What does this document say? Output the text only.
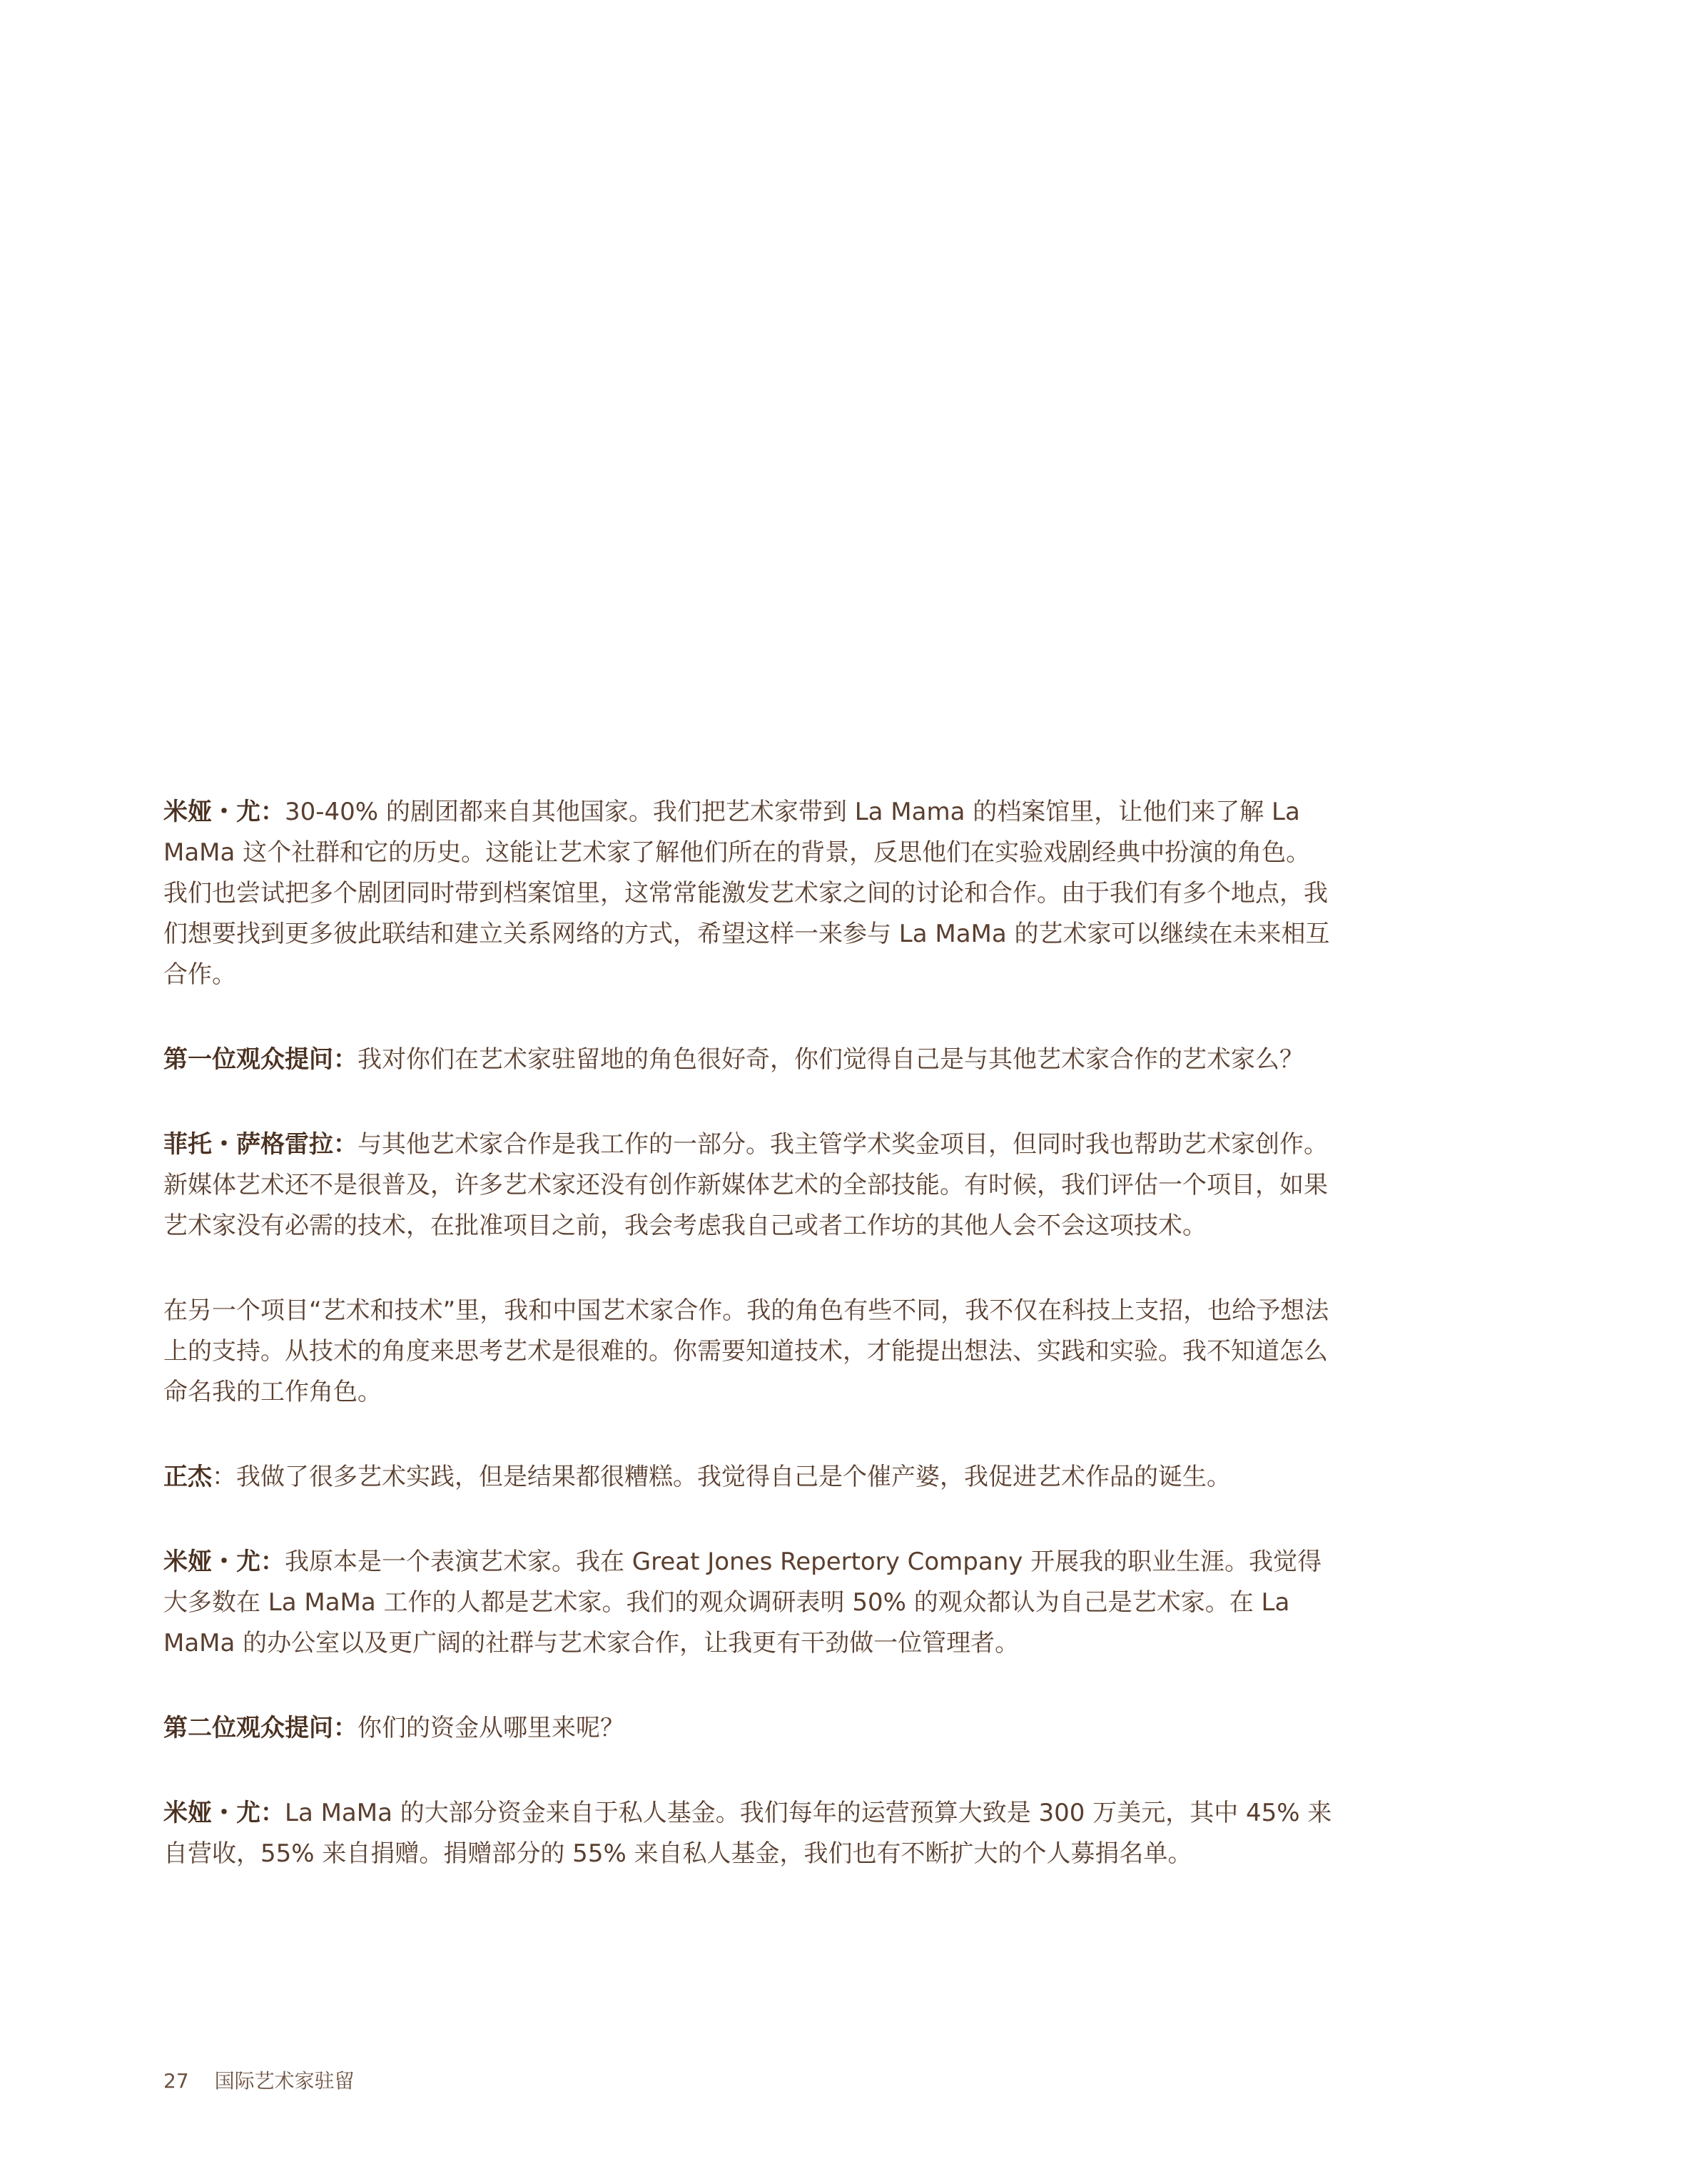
米娅・尤：30-40% 的剧团都来自其他国家。我们把艺术家带到 La Mama 的档案馆里，让他们来了解 La MaMa 这个社群和它的历史。这能让艺术家了解他们所在的背景，反思他们在实验戏剧经典中扮演的角色。我们也尝试把多个剧团同时带到档案馆里，这常常能激发艺术家之间的讨论和合作。由于我们有多个地点，我们想要找到更多彼此联结和建立关系网络的方式，希望这样一来参与 La MaMa 的艺术家可以继续在未来相互合作。

第一位观众提问：我对你们在艺术家驻留地的角色很好奇，你们觉得自己是与其他艺术家合作的艺术家么？

菲托・萨格雷拉：与其他艺术家合作是我工作的一部分。我主管学术奖金项目，但同时我也帮助艺术家创作。新媒体艺术还不是很普及，许多艺术家还没有创作新媒体艺术的全部技能。有时候，我们评估一个项目，如果艺术家没有必需的技术，在批准项目之前，我会考虑我自己或者工作坊的其他人会不会这项技术。

在另一个项目“艺术和技术”里，我和中国艺术家合作。我的角色有些不同，我不仅在科技上支招，也给予想法上的支持。从技术的角度来思考艺术是很难的。你需要知道技术，才能提出想法、实践和实验。我不知道怎么命名我的工作角色。

正杰：我做了很多艺术实践，但是结果都很糟糕。我觉得自己是个催产婆，我促进艺术作品的诞生。

米娅・尤：我原本是一个表演艺术家。我在 Great Jones Repertory Company 开展我的职业生涯。我觉得大多数在 La MaMa 工作的人都是艺术家。我们的观众调研表明 50% 的观众都认为自己是艺术家。在 La MaMa 的办公室以及更广阔的社群与艺术家合作，让我更有干劲做一位管理者。

第二位观众提问：你们的资金从哪里来呢？

米娅・尤：La MaMa 的大部分资金来自于私人基金。我们每年的运营预算大致是 300 万美元，其中 45% 来自营收，55% 来自捐赠。捐赠部分的 55% 来自私人基金，我们也有不断扩大的个人募捐名单。

27 国际艺术家驻留
